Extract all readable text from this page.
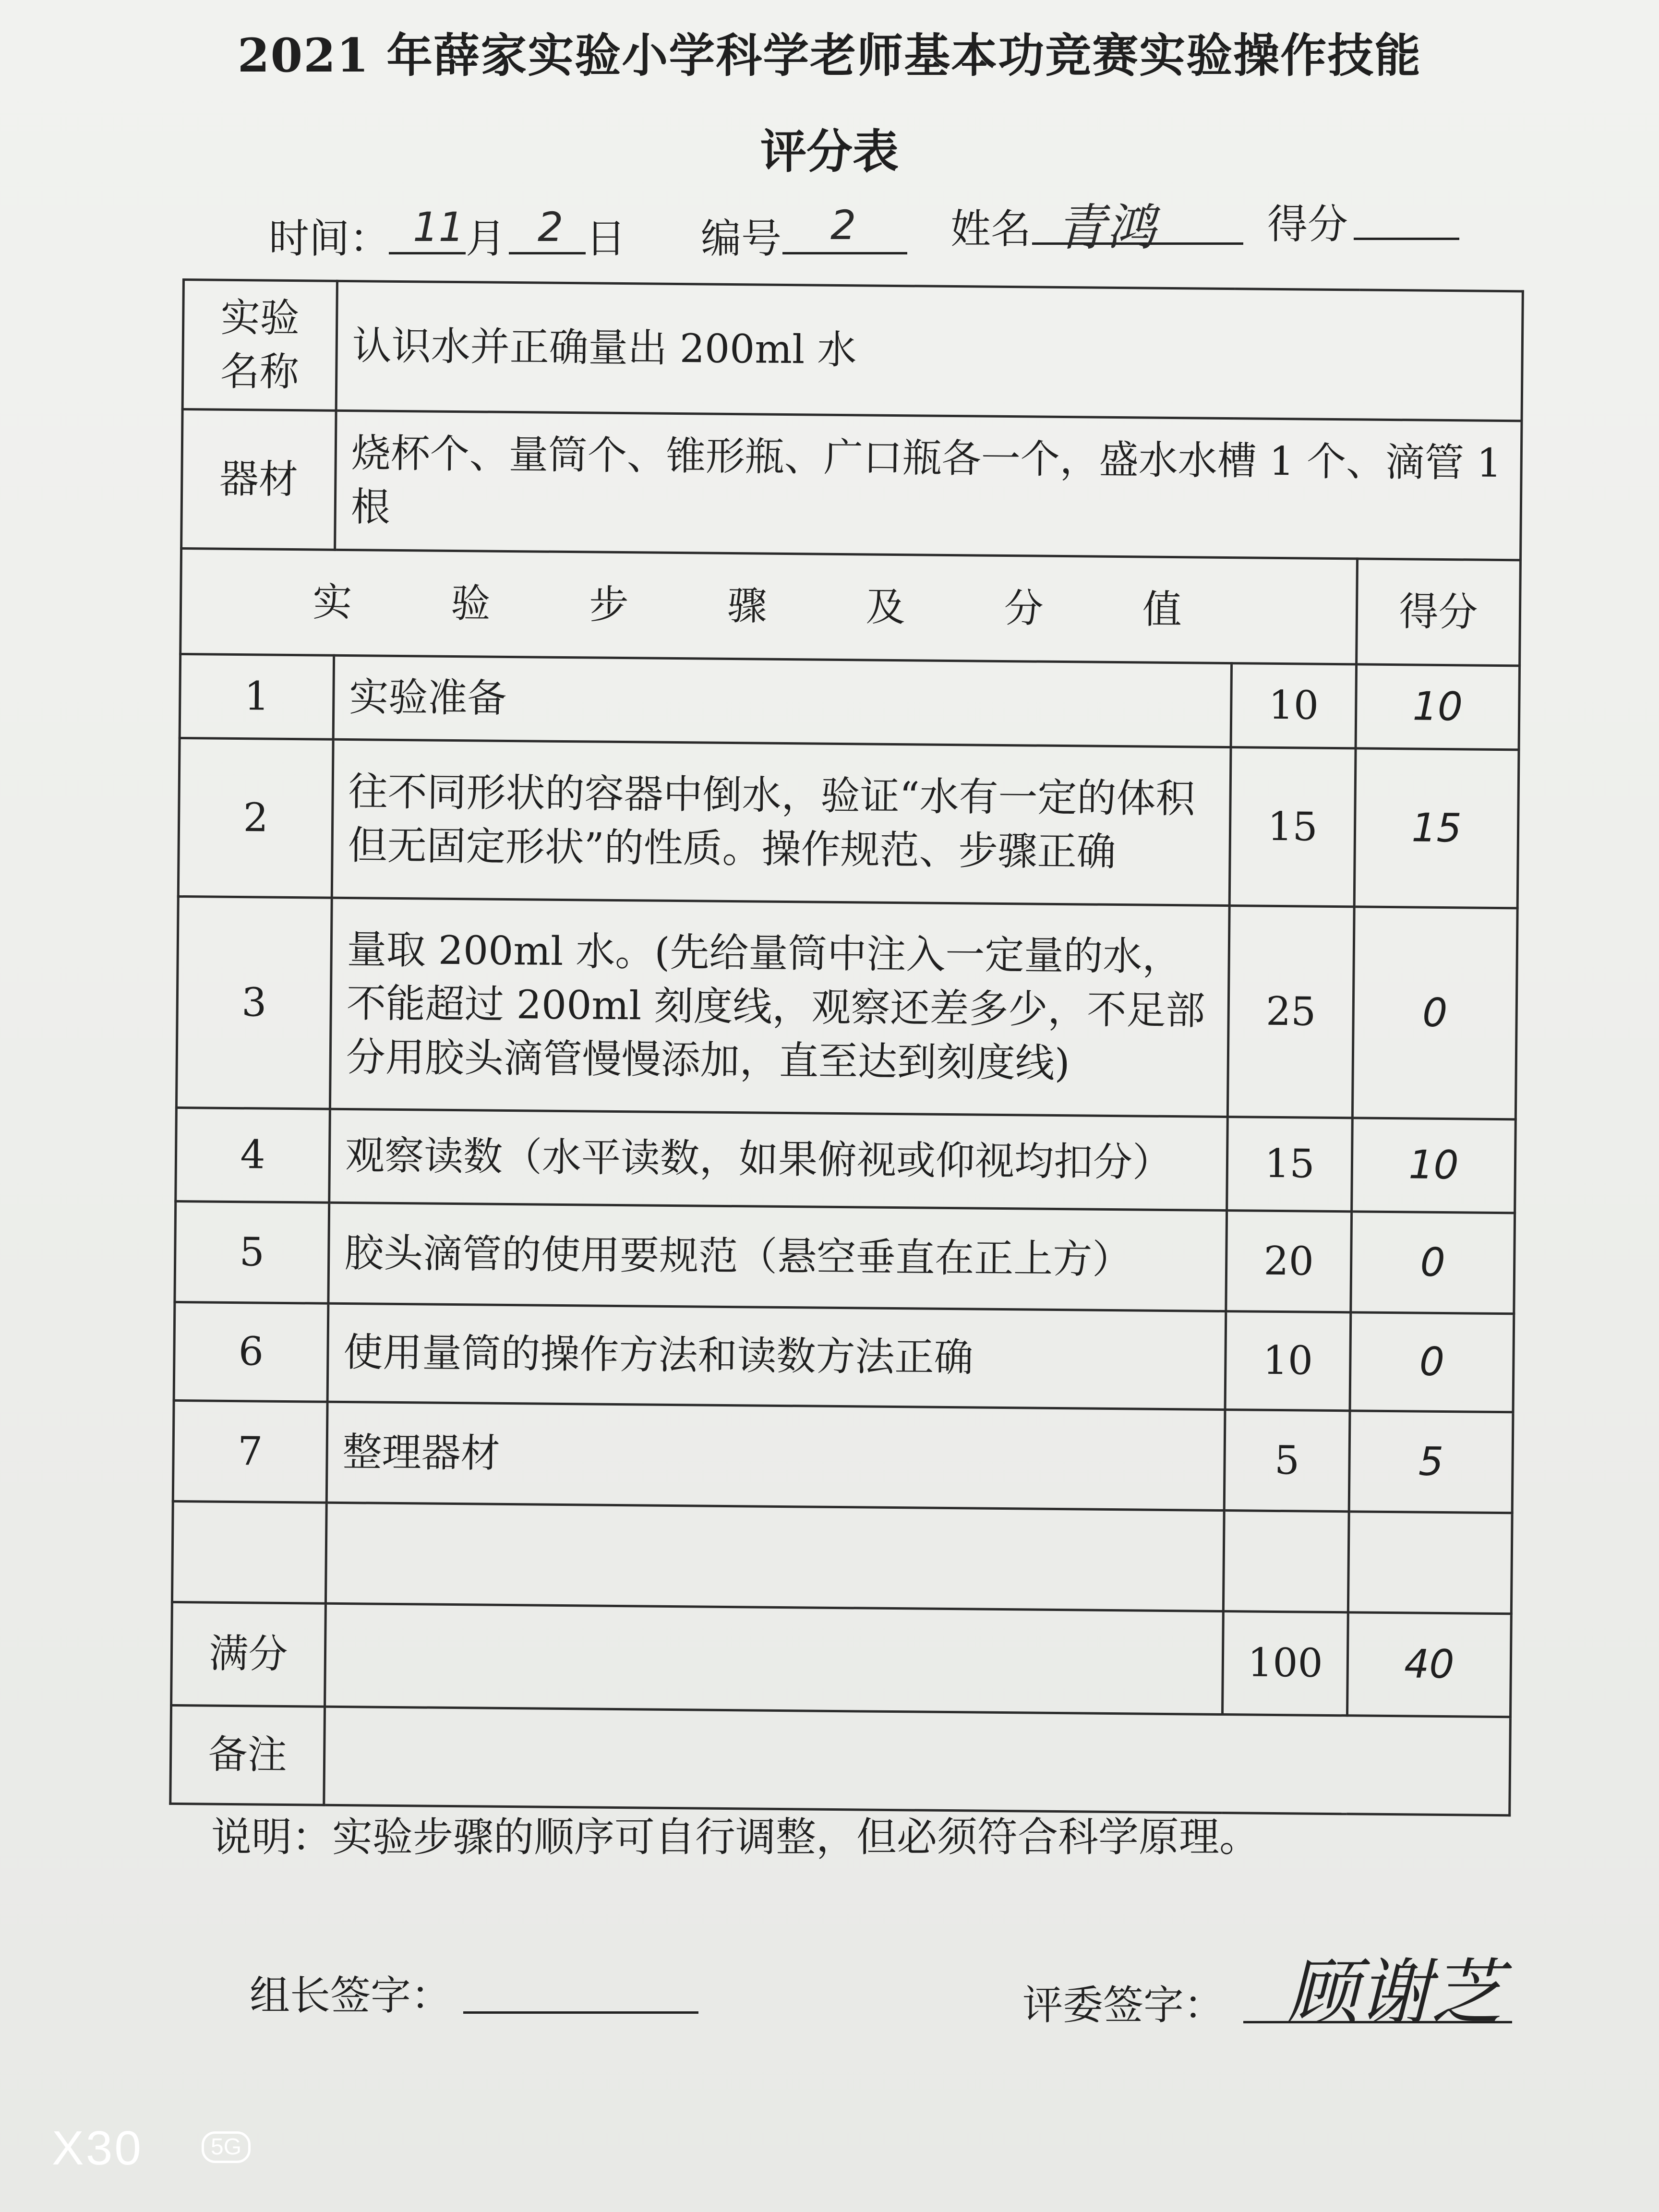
2021 年薛家实验小学科学老师基本功竞赛实验操作技能
评分表
时间： 11 月 2 日 编号 2 姓名 青鸿	得分
实验名称	认识水并正确量出 200ml 水		
器材	烧杯个、量筒个、锥形瓶、广口瓶各一个，盛水水槽 1 个、滴管 1 根		
实 验 步 骤 及 分 值			得分
1	实验准备	10	10
2	往不同形状的容器中倒水，验证“水有一定的体积但无固定形状”的性质。操作规范、步骤正确	15	15
3	量取 200ml 水。(先给量筒中注入一定量的水，不能超过 200ml 刻度线，观察还差多少，不足部分用胶头滴管慢慢添加，直至达到刻度线)	25	0
4	观察读数（水平读数，如果俯视或仰视均扣分）	15	10
5	胶头滴管的使用要规范（悬空垂直在正上方）	20	0
6	使用量筒的操作方法和读数方法正确	10	0
7	整理器材	5	5

满分		100	40
备注			
说明：实验步骤的顺序可自行调整，但必须符合科学原理。
组长签字：	评委签字： 顾谢芝
X30	5G
